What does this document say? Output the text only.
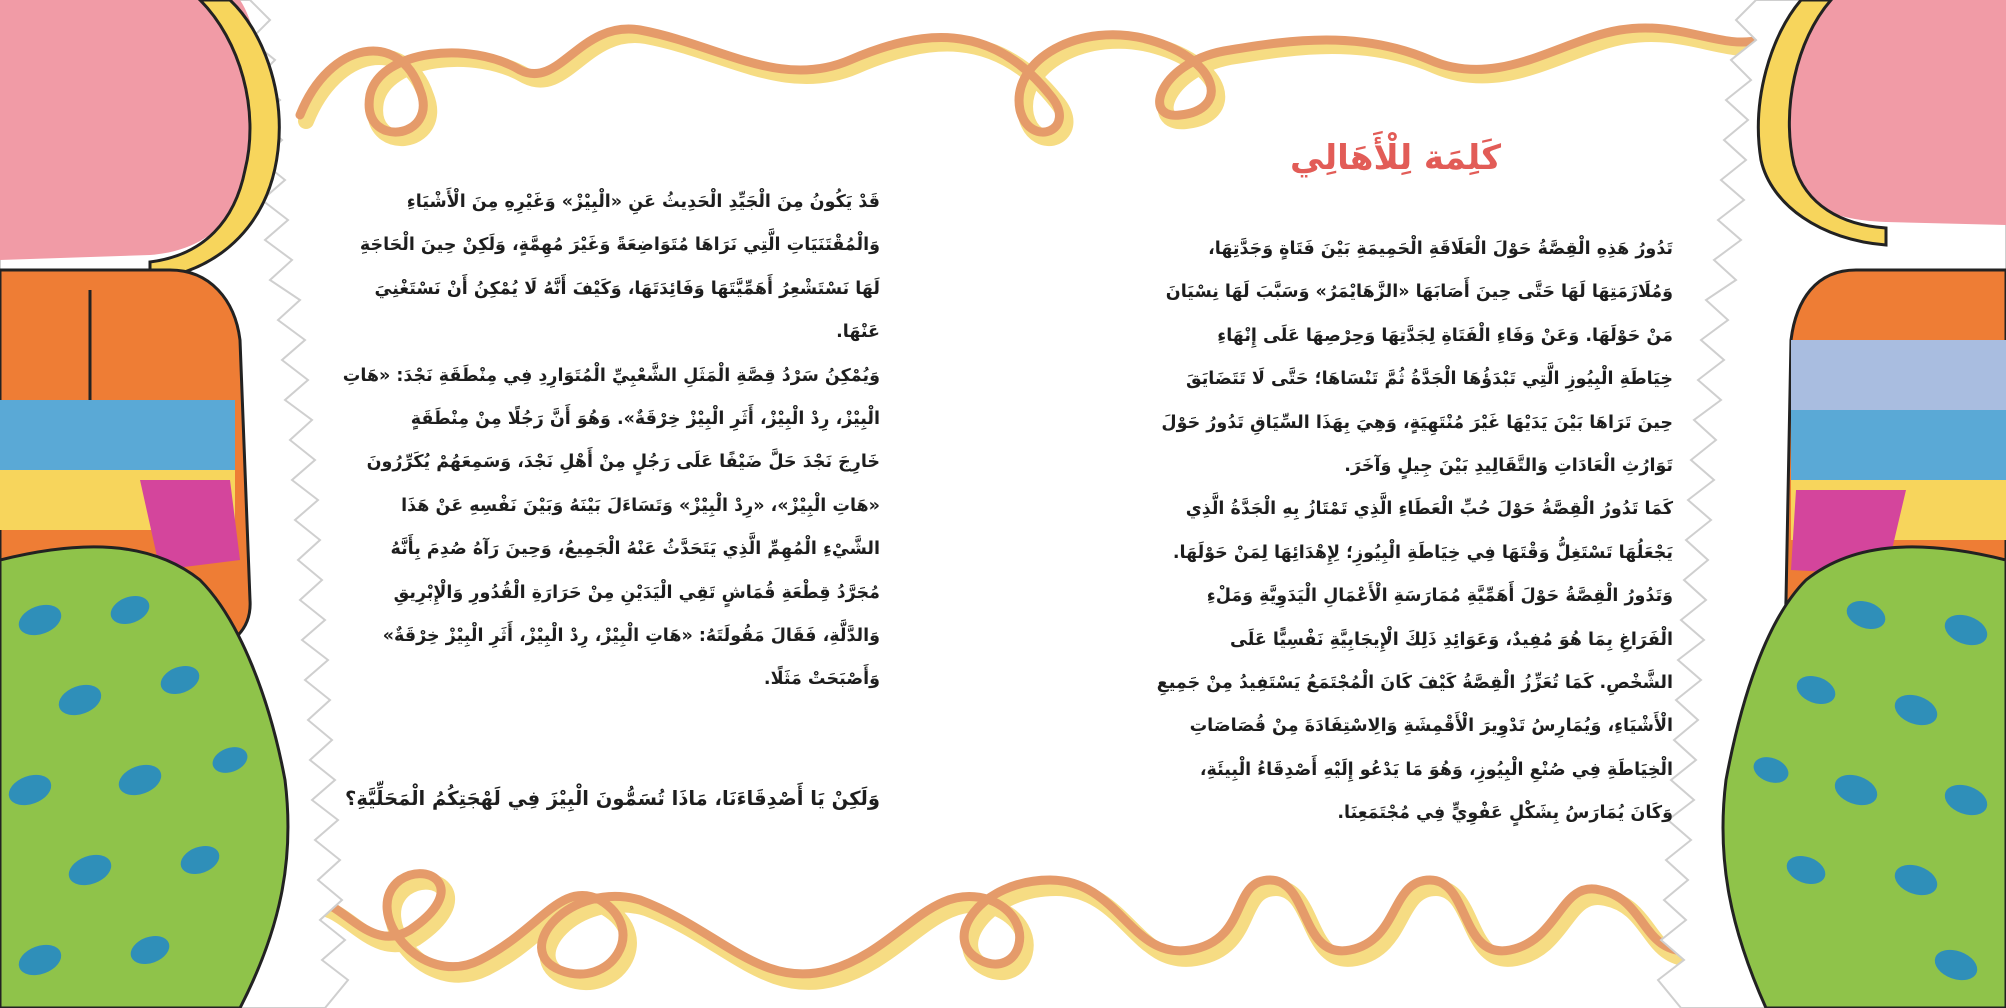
قَدْ يَكُونُ مِنَ الْجَيِّدِ الْحَدِيثُ عَنِ «الْبِيْزْ» وَغَيْرِهِ مِنَ الْأَشْيَاءِ
وَالْمُقْتَنَيَاتِ الَّتِي نَرَاهَا مُتَوَاضِعَةً وَغَيْرَ مُهِمَّةٍ، وَلَكِنْ حِينَ الْحَاجَةِ
لَهَا نَسْتَشْعِرُ أَهَمِّيَّتَهَا وَفَائِدَتَهَا، وَكَيْفَ أَنَّهُ لَا يُمْكِنُ أَنْ نَسْتَغْنِيَ
عَنْهَا.
وَيُمْكِنُ سَرْدُ قِصَّةِ الْمَثَلِ الشَّعْبِيِّ الْمُتَوَارِدِ فِي مِنْطَقَةِ نَجْدَ: «هَاتِ
الْبِيْزْ، رِدْ الْبِيْزْ، أَثَرِ الْبِيْزْ خِرْقَةٌ». وَهُوَ أَنَّ رَجُلًا مِنْ مِنْطَقَةٍ
خَارِجَ نَجْدَ حَلَّ ضَيْفًا عَلَى رَجُلٍ مِنْ أَهْلِ نَجْدَ، وَسَمِعَهُمْ يُكَرِّرُونَ
«هَاتِ الْبِيْزْ»، «رِدْ الْبِيْزْ» وَتَسَاءَلَ بَيْنَهُ وَبَيْنَ نَفْسِهِ عَنْ هَذَا
الشَّيْءِ الْمُهِمِّ الَّذِي يَتَحَدَّثُ عَنْهُ الْجَمِيعُ، وَحِينَ رَآهُ صُدِمَ بِأَنَّهُ
مُجَرَّدُ قِطْعَةِ قُمَاشٍ تَقِي الْيَدَيْنِ مِنْ حَرَارَةِ الْقُدُورِ وَالْإِبْرِيقِ
وَالدَّلَّةِ، فَقَالَ مَقُولَتَهُ: «هَاتِ الْبِيْزْ، رِدْ الْبِيْزْ، أَثَرِ الْبِيْزْ خِرْقَةٌ»
وَأَصْبَحَتْ مَثَلًا.
وَلَكِنْ يَا أَصْدِقَاءَنَا، مَاذَا تُسَمُّونَ الْبِيْزَ فِي لَهْجَتِكُمُ الْمَحَلِّيَّةِ؟
كَلِمَة لِلْأَهَالِي
تَدُورُ هَذِهِ الْقِصَّةُ حَوْلَ الْعَلَاقَةِ الْحَمِيمَةِ بَيْنَ فَتَاةٍ وَجَدَّتِهَا،
وَمُلَازَمَتِهَا لَهَا حَتَّى حِينَ أَصَابَهَا «الزَّهَايْمَرُ» وَسَبَّبَ لَهَا نِسْيَانَ
مَنْ حَوْلَهَا. وَعَنْ وَفَاءِ الْفَتَاةِ لِجَدَّتِهَا وَحِرْصِهَا عَلَى إِنْهَاءِ
خِيَاطَةِ الْبِيُوزِ الَّتِي تَبْدَؤُهَا الْجَدَّةُ ثُمَّ تَنْسَاهَا؛ حَتَّى لَا تَتَضَايَقَ
حِينَ تَرَاهَا بَيْنَ يَدَيْهَا غَيْرَ مُنْتَهِيَةٍ، وَهِيَ بِهَذَا السِّيَاقِ تَدُورُ حَوْلَ
تَوَارُثِ الْعَادَاتِ وَالتَّقَالِيدِ بَيْنَ جِيلٍ وَآخَرَ.
كَمَا تَدُورُ الْقِصَّةُ حَوْلَ حُبِّ الْعَطَاءِ الَّذِي تَمْتَازُ بِهِ الْجَدَّةُ الَّذِي
يَجْعَلُهَا تَسْتَغِلُّ وَقْتَهَا فِي خِيَاطَةِ الْبِيُوزِ؛ لِإِهْدَائِهَا لِمَنْ حَوْلَهَا.
وَتَدُورُ الْقِصَّةُ حَوْلَ أَهَمِّيَّةِ مُمَارَسَةِ الْأَعْمَالِ الْيَدَوِيَّةِ وَمَلْءِ
الْفَرَاغِ بِمَا هُوَ مُفِيدٌ، وَعَوَائِدِ ذَلِكَ الْإِيجَابِيَّةِ نَفْسِيًّا عَلَى
الشَّخْصِ. كَمَا تُعَزِّزُ الْقِصَّةُ كَيْفَ كَانَ الْمُجْتَمَعُ يَسْتَفِيدُ مِنْ جَمِيعِ
الْأَشْيَاءِ، وَيُمَارِسُ تَدْوِيرَ الْأَقْمِشَةِ وَالِاسْتِفَادَةَ مِنْ قُصَاصَاتِ
الْخِيَاطَةِ فِي صُنْعِ الْبِيُوزِ، وَهُوَ مَا يَدْعُو إِلَيْهِ أَصْدِقَاءُ الْبِيئَةِ،
وَكَانَ يُمَارَسُ بِشَكْلٍ عَفْوِيٍّ فِي مُجْتَمَعِنَا.
